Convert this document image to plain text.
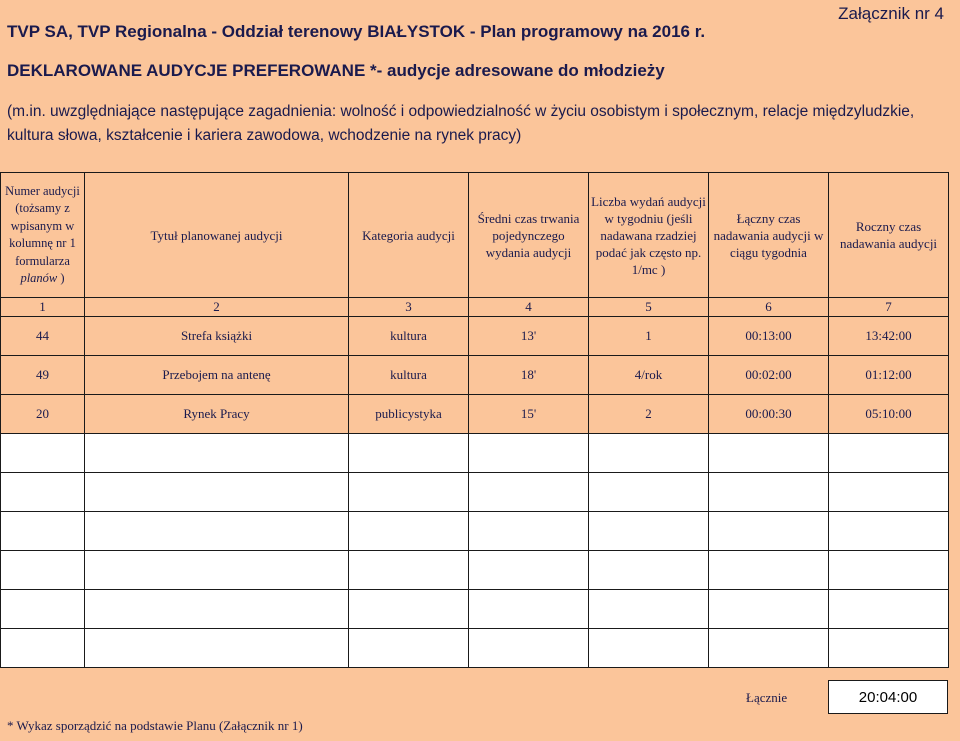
Załącznik nr 4
TVP SA, TVP Regionalna - Oddział terenowy BIAŁYSTOK - Plan programowy na 2016 r.
DEKLAROWANE AUDYCJE PREFEROWANE *- audycje adresowane do młodzieży
(m.in. uwzględniające następujące zagadnienia: wolność i odpowiedzialność w życiu osobistym i społecznym, relacje międzyludzkie, kultura słowa, kształcenie i kariera zawodowa, wchodzenie na rynek pracy)
Numer audycji (tożsamy z wpisanym w kolumnę nr 1 formularza planów )	Tytuł planowanej audycji	Kategoria audycji	Średni czas trwania pojedynczego wydania audycji	Liczba wydań audycji w tygodniu (jeśli nadawana rzadziej podać jak często np. 1/mc )	Łączny czas nadawania audycji w ciągu tygodnia	Roczny czas nadawania audycji
1	2	3	4	5	6	7
44	Strefa książki	kultura	13'	1	00:13:00	13:42:00
49	Przebojem na antenę	kultura	18'	4/rok	00:02:00	01:12:00
20	Rynek Pracy	publicystyka	15'	2	00:00:30	05:10:00

Łącznie	20:04:00
* Wykaz sporządzić na podstawie Planu (Załącznik nr 1)
